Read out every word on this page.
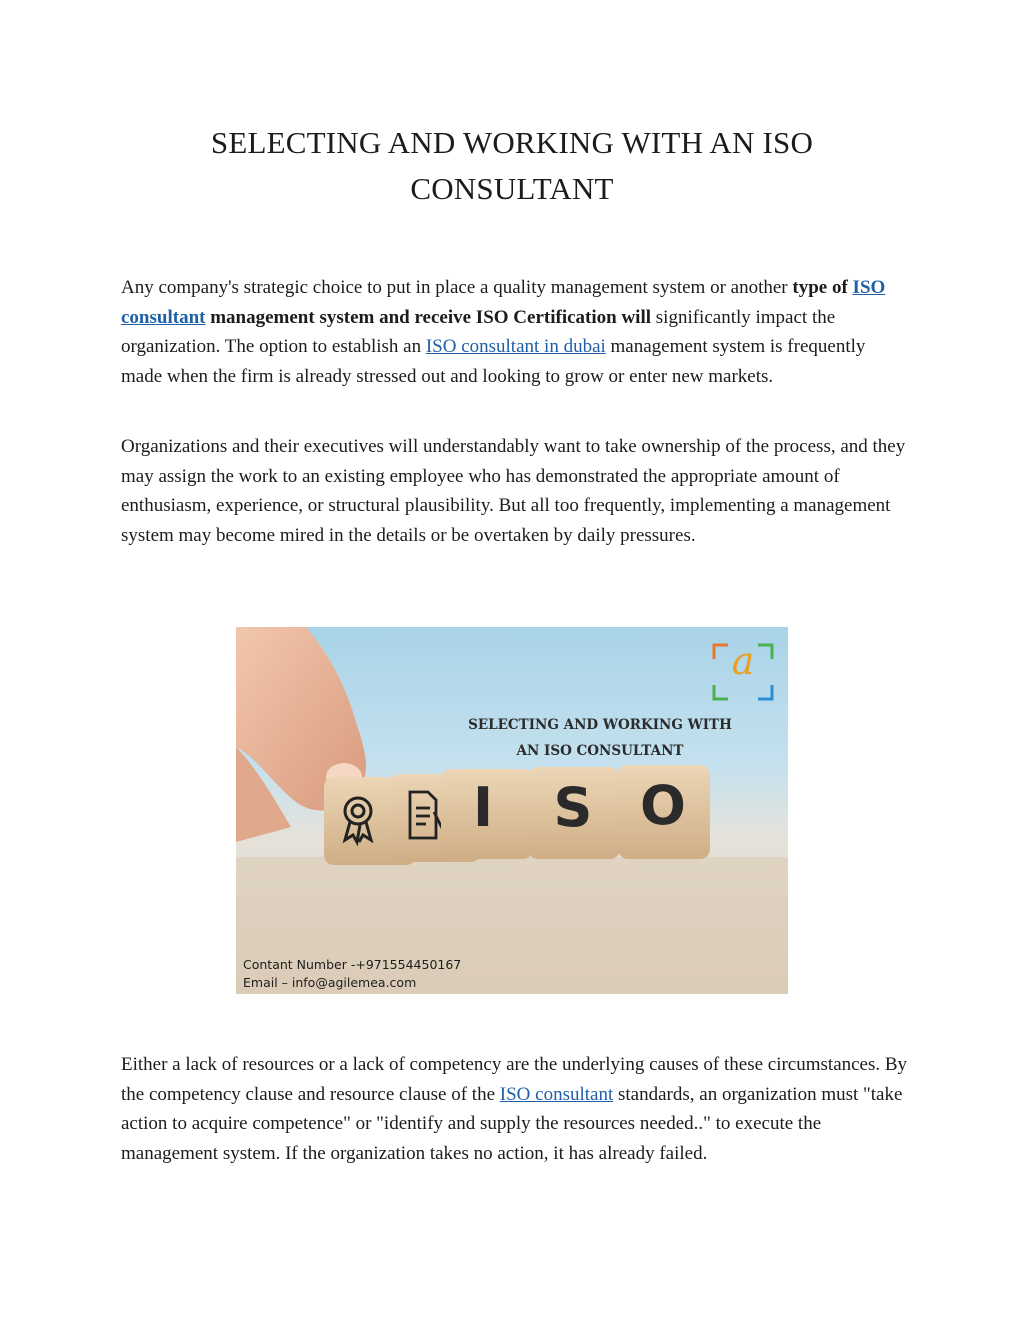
SELECTING AND WORKING WITH AN ISO
CONSULTANT

Any company's strategic choice to put in place a quality management system or another type of ISO consultant management system and receive ISO Certification will significantly impact the organization. The option to establish an ISO consultant in dubai management system is frequently made when the firm is already stressed out and looking to grow or enter new markets.

Organizations and their executives will understandably want to take ownership of the process, and they may assign the work to an existing employee who has demonstrated the appropriate amount of enthusiasm, experience, or structural plausibility. But all too frequently, implementing a management system may become mired in the details or be overtaken by daily pressures.

a
SELECTING AND WORKING WITH
AN ISO CONSULTANT
I	S O
Contant Number -+971554450167
Email – info@agilemea.com

Either a lack of resources or a lack of competency are the underlying causes of these circumstances. By the competency clause and resource clause of the ISO consultant standards, an organization must "take action to acquire competence" or "identify and supply the resources needed.." to execute the management system. If the organization takes no action, it has already failed.
